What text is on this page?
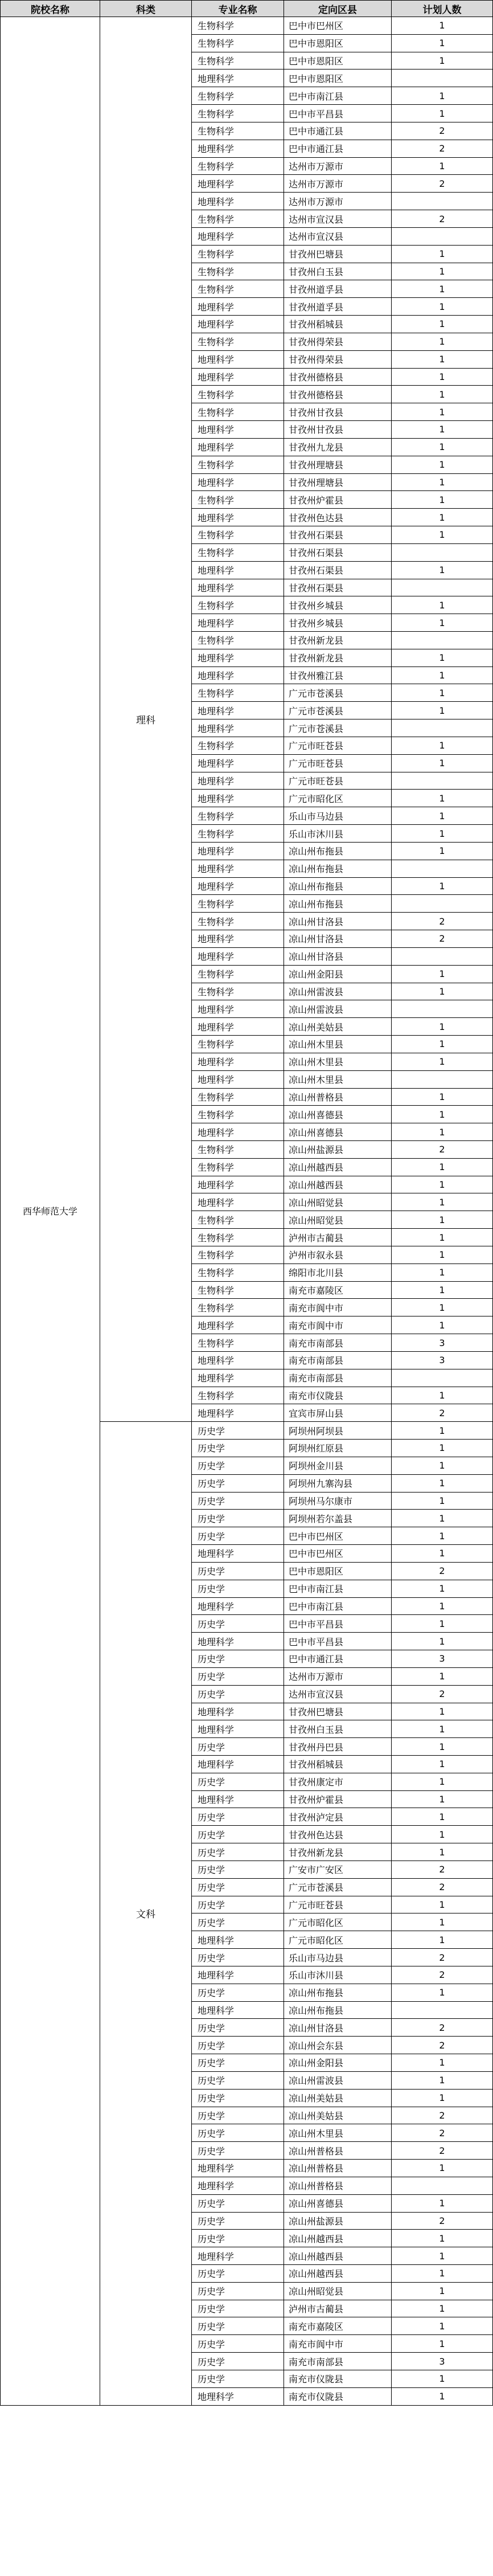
院校名称	科类	专业名称	定向区县	计划人数
西华师范大学	理科	生物科学	巴中市巴州区	1
		生物科学	巴中市恩阳区	1
		生物科学	巴中市恩阳区	1
		地理科学	巴中市恩阳区	
		生物科学	巴中市南江县	1
		生物科学	巴中市平昌县	1
		生物科学	巴中市通江县	2
		地理科学	巴中市通江县	2
		生物科学	达州市万源市	1
		地理科学	达州市万源市	2
		地理科学	达州市万源市	
		生物科学	达州市宣汉县	2
		地理科学	达州市宣汉县	
		生物科学	甘孜州巴塘县	1
		生物科学	甘孜州白玉县	1
		生物科学	甘孜州道孚县	1
		地理科学	甘孜州道孚县	1
		地理科学	甘孜州稻城县	1
		生物科学	甘孜州得荣县	1
		地理科学	甘孜州得荣县	1
		地理科学	甘孜州德格县	1
		生物科学	甘孜州德格县	1
		生物科学	甘孜州甘孜县	1
		地理科学	甘孜州甘孜县	1
		地理科学	甘孜州九龙县	1
		生物科学	甘孜州理塘县	1
		地理科学	甘孜州理塘县	1
		生物科学	甘孜州炉霍县	1
		地理科学	甘孜州色达县	1
		生物科学	甘孜州石渠县	1
		生物科学	甘孜州石渠县	
		地理科学	甘孜州石渠县	1
		地理科学	甘孜州石渠县	
		生物科学	甘孜州乡城县	1
		地理科学	甘孜州乡城县	1
		生物科学	甘孜州新龙县	
		地理科学	甘孜州新龙县	1
		地理科学	甘孜州雅江县	1
		生物科学	广元市苍溪县	1
		地理科学	广元市苍溪县	1
		地理科学	广元市苍溪县	
		生物科学	广元市旺苍县	1
		地理科学	广元市旺苍县	1
		地理科学	广元市旺苍县	
		地理科学	广元市昭化区	1
		生物科学	乐山市马边县	1
		生物科学	乐山市沐川县	1
		地理科学	凉山州布拖县	1
		地理科学	凉山州布拖县	
		地理科学	凉山州布拖县	1
		生物科学	凉山州布拖县	
		生物科学	凉山州甘洛县	2
		地理科学	凉山州甘洛县	2
		地理科学	凉山州甘洛县	
		生物科学	凉山州金阳县	1
		生物科学	凉山州雷波县	1
		地理科学	凉山州雷波县	
		地理科学	凉山州美姑县	1
		生物科学	凉山州木里县	1
		地理科学	凉山州木里县	1
		地理科学	凉山州木里县	
		生物科学	凉山州普格县	1
		生物科学	凉山州喜德县	1
		地理科学	凉山州喜德县	1
		生物科学	凉山州盐源县	2
		生物科学	凉山州越西县	1
		地理科学	凉山州越西县	1
		地理科学	凉山州昭觉县	1
		生物科学	凉山州昭觉县	1
		生物科学	泸州市古蔺县	1
		生物科学	泸州市叙永县	1
		生物科学	绵阳市北川县	1
		生物科学	南充市嘉陵区	1
		生物科学	南充市阆中市	1
		地理科学	南充市阆中市	1
		生物科学	南充市南部县	3
		地理科学	南充市南部县	3
		地理科学	南充市南部县	
		生物科学	南充市仪陇县	1
		地理科学	宜宾市屏山县	2
	文科	历史学	阿坝州阿坝县	1
		历史学	阿坝州红原县	1
		历史学	阿坝州金川县	1
		历史学	阿坝州九寨沟县	1
		历史学	阿坝州马尔康市	1
		历史学	阿坝州若尔盖县	1
		历史学	巴中市巴州区	1
		地理科学	巴中市巴州区	1
		历史学	巴中市恩阳区	2
		历史学	巴中市南江县	1
		地理科学	巴中市南江县	1
		历史学	巴中市平昌县	1
		地理科学	巴中市平昌县	1
		历史学	巴中市通江县	3
		历史学	达州市万源市	1
		历史学	达州市宣汉县	2
		地理科学	甘孜州巴塘县	1
		地理科学	甘孜州白玉县	1
		历史学	甘孜州丹巴县	1
		地理科学	甘孜州稻城县	1
		历史学	甘孜州康定市	1
		地理科学	甘孜州炉霍县	1
		历史学	甘孜州泸定县	1
		历史学	甘孜州色达县	1
		历史学	甘孜州新龙县	1
		历史学	广安市广安区	2
		历史学	广元市苍溪县	2
		历史学	广元市旺苍县	1
		历史学	广元市昭化区	1
		地理科学	广元市昭化区	1
		历史学	乐山市马边县	2
		地理科学	乐山市沐川县	2
		历史学	凉山州布拖县	1
		地理科学	凉山州布拖县	
		历史学	凉山州甘洛县	2
		历史学	凉山州会东县	2
		历史学	凉山州金阳县	1
		历史学	凉山州雷波县	1
		历史学	凉山州美姑县	1
		历史学	凉山州美姑县	2
		历史学	凉山州木里县	2
		历史学	凉山州普格县	2
		地理科学	凉山州普格县	1
		地理科学	凉山州普格县	
		历史学	凉山州喜德县	1
		历史学	凉山州盐源县	2
		历史学	凉山州越西县	1
		地理科学	凉山州越西县	1
		历史学	凉山州越西县	1
		历史学	凉山州昭觉县	1
		历史学	泸州市古蔺县	1
		历史学	南充市嘉陵区	1
		历史学	南充市阆中市	1
		历史学	南充市南部县	3
		历史学	南充市仪陇县	1
		地理科学	南充市仪陇县	1
